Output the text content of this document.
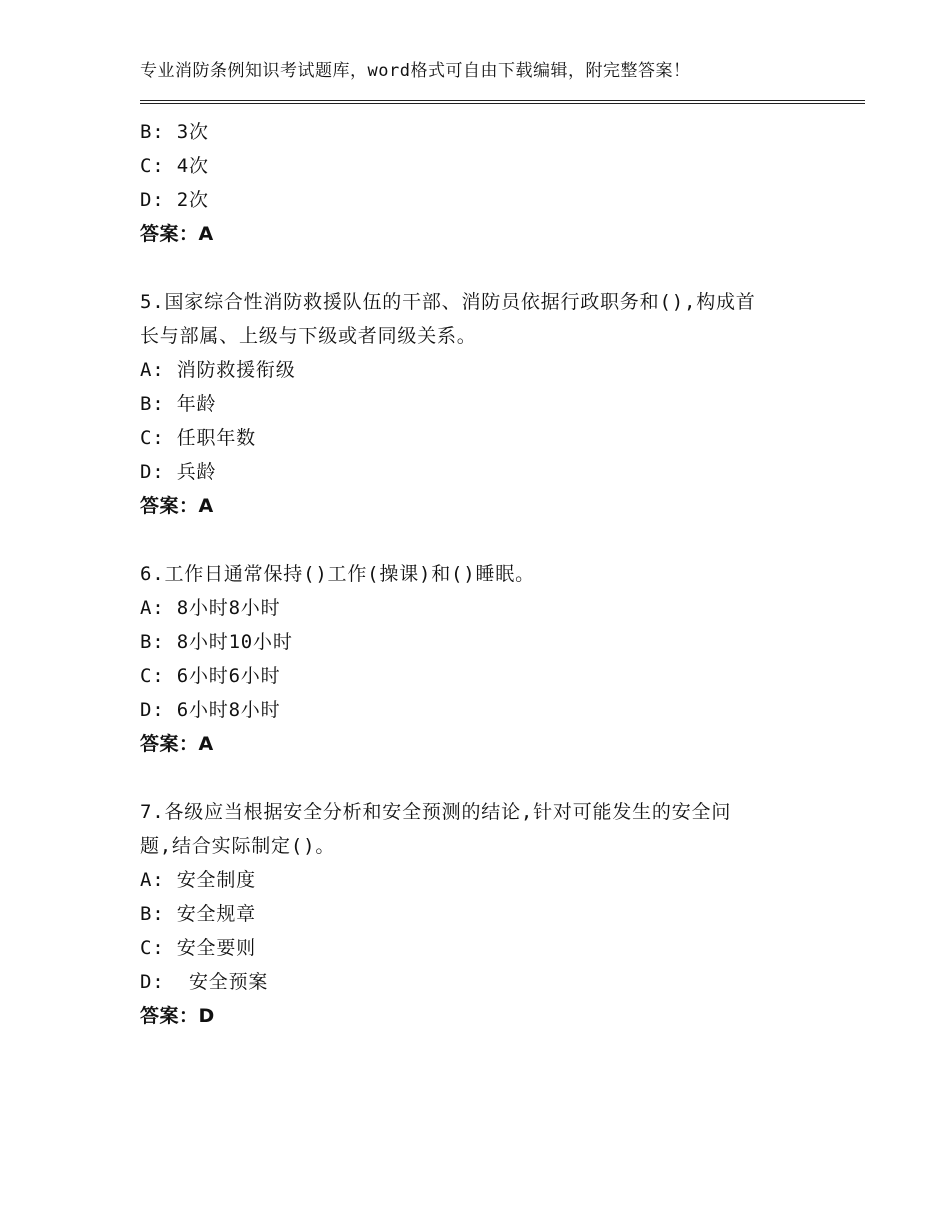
专业消防条例知识考试题库，word格式可自由下载编辑，附完整答案！
B: 3次
C: 4次
D: 2次
答案：A
5.国家综合性消防救援队伍的干部、消防员依据行政职务和(),构成首
长与部属、上级与下级或者同级关系。
A: 消防救援衔级
B: 年龄
C: 任职年数
D: 兵龄
答案：A
6.工作日通常保持()工作(操课)和()睡眠。
A: 8小时8小时
B: 8小时10小时
C: 6小时6小时
D: 6小时8小时
答案：A
7.各级应当根据安全分析和安全预测的结论,针对可能发生的安全问
题,结合实际制定()。
A: 安全制度
B: 安全规章
C: 安全要则
D:  安全预案
答案：D
